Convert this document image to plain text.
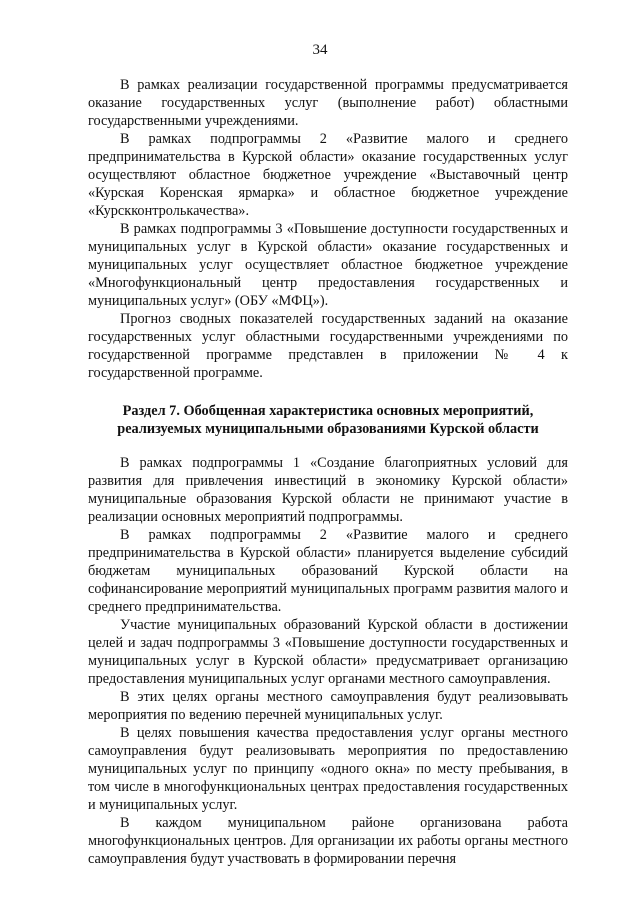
34

В рамках реализации государственной программы предусматривается оказание государственных услуг (выполнение работ) областными государственными учреждениями.

В рамках подпрограммы 2 «Развитие малого и среднего предпринимательства в Курской области» оказание государственных услуг осуществляют областное бюджетное учреждение «Выставочный центр «Курская Коренская ярмарка» и областное бюджетное учреждение «Курскконтролькачества».

В рамках подпрограммы 3 «Повышение доступности государственных и муниципальных услуг в Курской области» оказание государственных и муниципальных услуг осуществляет областное бюджетное учреждение «Многофункциональный центр предоставления государственных и муниципальных услуг» (ОБУ «МФЦ»).

Прогноз сводных показателей государственных заданий на оказание государственных услуг областными государственными учреждениями по государственной программе представлен в приложении № 4 к государственной программе.

Раздел 7. Обобщенная характеристика основных мероприятий, реализуемых муниципальными образованиями Курской области

В рамках подпрограммы 1 «Создание благоприятных условий для развития для привлечения инвестиций в экономику Курской области» муниципальные образования Курской области не принимают участие в реализации основных мероприятий подпрограммы.

В рамках подпрограммы 2 «Развитие малого и среднего предпринимательства в Курской области» планируется выделение субсидий бюджетам муниципальных образований Курской области на софинансирование мероприятий муниципальных программ развития малого и среднего предпринимательства.

Участие муниципальных образований Курской области в достижении целей и задач подпрограммы 3 «Повышение доступности государственных и муниципальных услуг в Курской области» предусматривает организацию предоставления муниципальных услуг органами местного самоуправления.

В этих целях органы местного самоуправления будут реализовывать мероприятия по ведению перечней муниципальных услуг.

В целях повышения качества предоставления услуг органы местного самоуправления будут реализовывать мероприятия по предоставлению муниципальных услуг по принципу «одного окна» по месту пребывания, в том числе в многофункциональных центрах предоставления государственных и муниципальных услуг.

В каждом муниципальном районе организована работа многофункциональных центров. Для организации их работы органы местного самоуправления будут участвовать в формировании перечня
